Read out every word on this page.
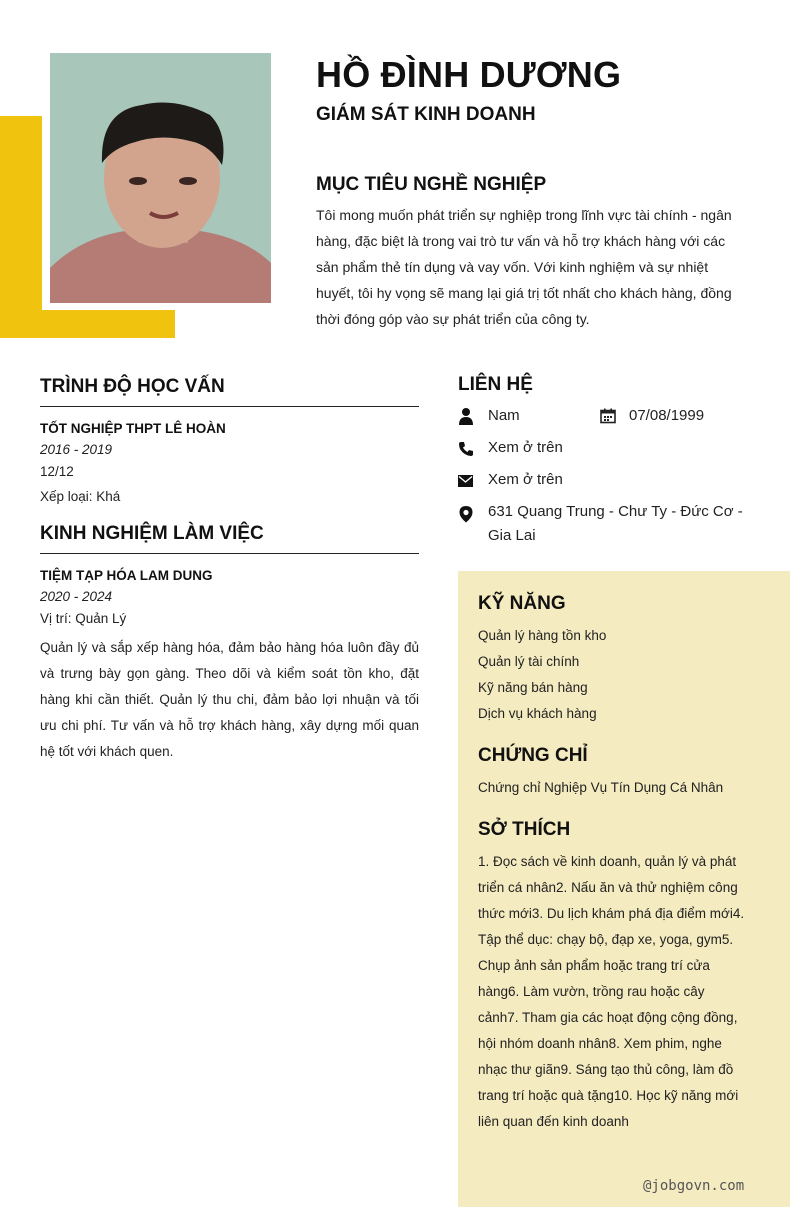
HỒ ĐÌNH DƯƠNG
GIÁM SÁT KINH DOANH
MỤC TIÊU NGHỀ NGHIỆP
Tôi mong muốn phát triển sự nghiệp trong lĩnh vực tài chính - ngân hàng, đặc biệt là trong vai trò tư vấn và hỗ trợ khách hàng với các sản phẩm thẻ tín dụng và vay vốn. Với kinh nghiệm và sự nhiệt huyết, tôi hy vọng sẽ mang lại giá trị tốt nhất cho khách hàng, đồng thời đóng góp vào sự phát triển của công ty.
TRÌNH ĐỘ HỌC VẤN
TỐT NGHIỆP THPT LÊ HOÀN
2016 - 2019
12/12
Xếp loại: Khá
KINH NGHIỆM LÀM VIỆC
TIỆM TẠP HÓA LAM DUNG
2020 - 2024
Vị trí: Quản Lý
Quản lý và sắp xếp hàng hóa, đảm bảo hàng hóa luôn đầy đủ và trưng bày gọn gàng. Theo dõi và kiểm soát tồn kho, đặt hàng khi cần thiết. Quản lý thu chi, đảm bảo lợi nhuận và tối ưu chi phí. Tư vấn và hỗ trợ khách hàng, xây dựng mối quan hệ tốt với khách quen.
LIÊN HỆ
Nam	07/08/1999
Xem ở trên
Xem ở trên
631 Quang Trung - Chư Ty - Đức Cơ - Gia Lai
KỸ NĂNG
Quản lý hàng tồn kho
Quản lý tài chính
Kỹ năng bán hàng
Dịch vụ khách hàng
CHỨNG CHỈ
Chứng chỉ Nghiệp Vụ Tín Dụng Cá Nhân
SỞ THÍCH
1. Đọc sách về kinh doanh, quản lý và phát triển cá nhân2. Nấu ăn và thử nghiệm công thức mới3. Du lịch khám phá địa điểm mới4. Tập thể dục: chạy bộ, đạp xe, yoga, gym5. Chụp ảnh sản phẩm hoặc trang trí cửa hàng6. Làm vườn, trồng rau hoặc cây cảnh7. Tham gia các hoạt động cộng đồng, hội nhóm doanh nhân8. Xem phim, nghe nhạc thư giãn9. Sáng tạo thủ công, làm đồ trang trí hoặc quà tặng10. Học kỹ năng mới liên quan đến kinh doanh
@jobgovn.com
